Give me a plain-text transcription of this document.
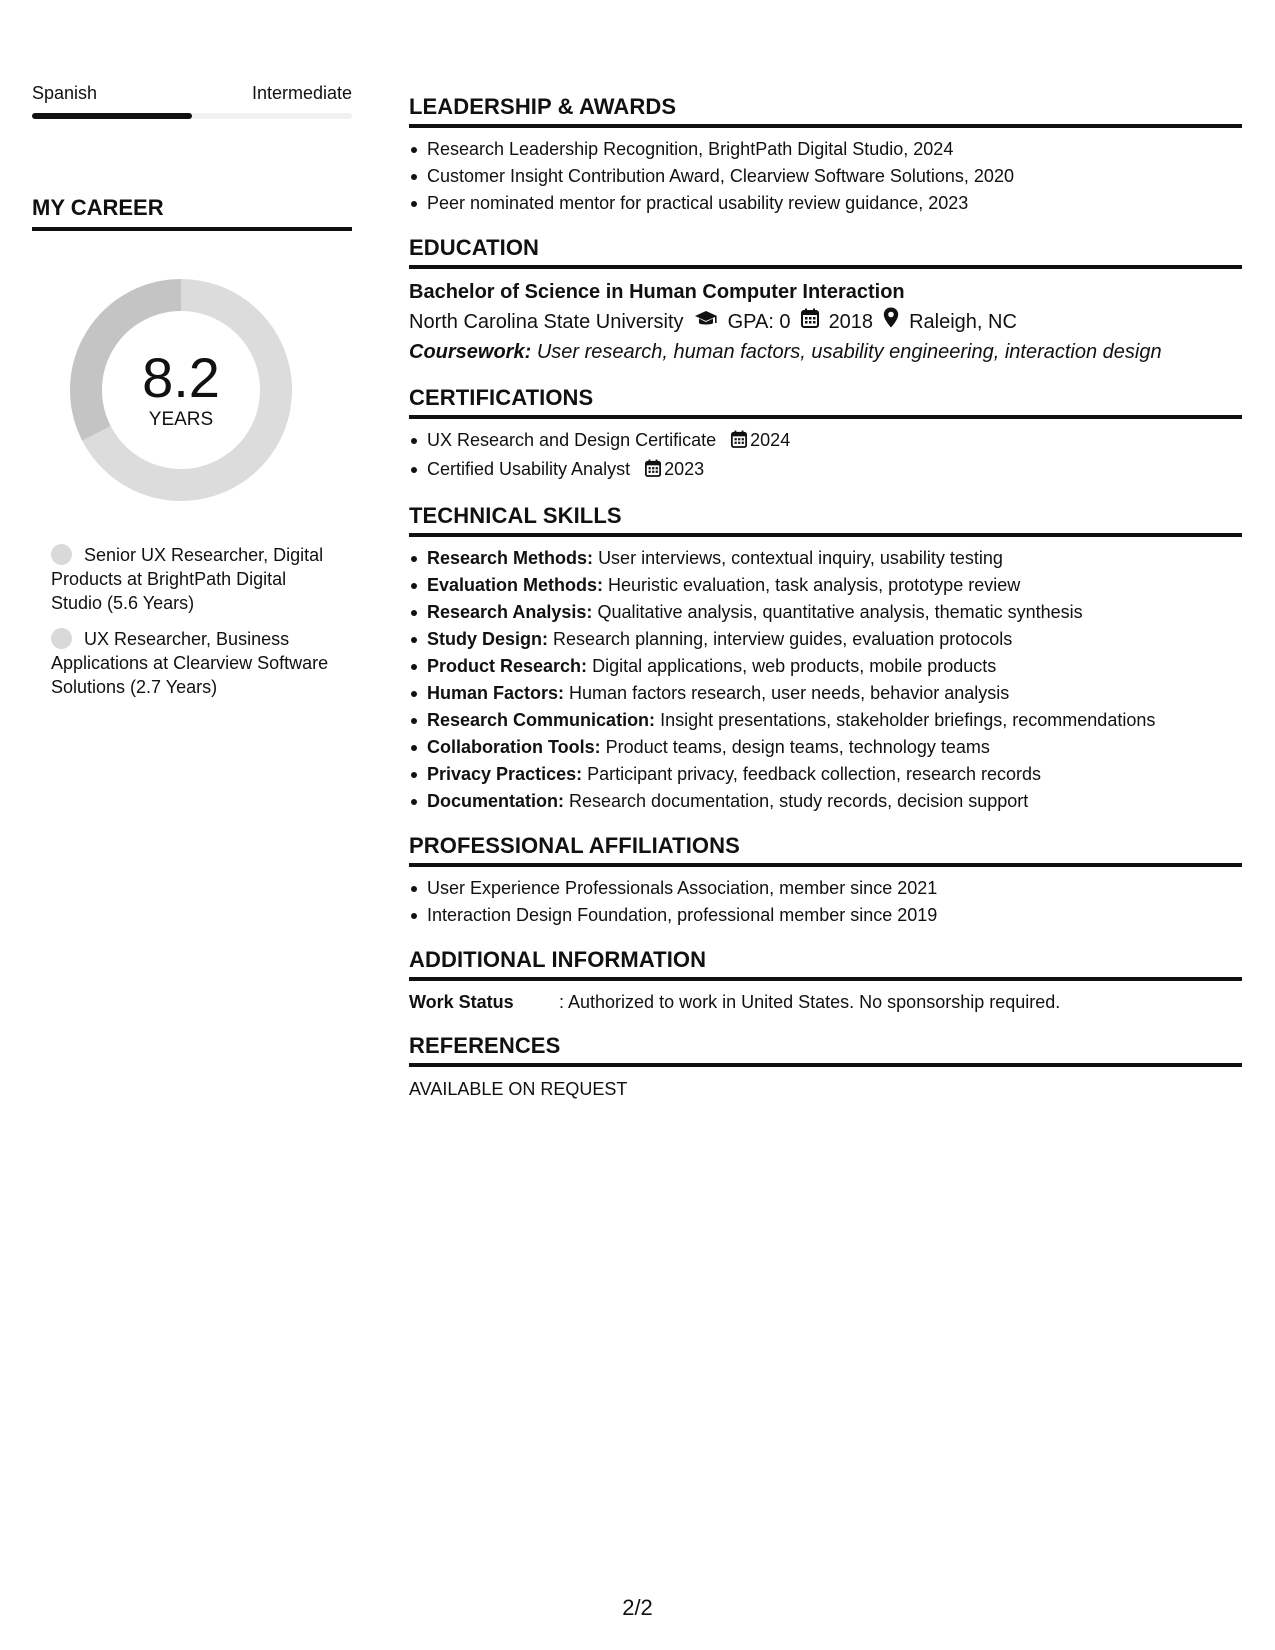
Spanish	Intermediate
MY CAREER
8.2
YEARS
Senior UX Researcher, Digital Products at BrightPath Digital Studio (5.6 Years)
UX Researcher, Business Applications at Clearview Software Solutions (2.7 Years)
LEADERSHIP & AWARDS
Research Leadership Recognition, BrightPath Digital Studio, 2024
Customer Insight Contribution Award, Clearview Software Solutions, 2020
Peer nominated mentor for practical usability review guidance, 2023
EDUCATION
Bachelor of Science in Human Computer Interaction
North Carolina State University GPA: 0 2018 Raleigh, NC
Coursework: User research, human factors, usability engineering, interaction design
CERTIFICATIONS
UX Research and Design Certificate 2024
Certified Usability Analyst 2023
TECHNICAL SKILLS
Research Methods: User interviews, contextual inquiry, usability testing
Evaluation Methods: Heuristic evaluation, task analysis, prototype review
Research Analysis: Qualitative analysis, quantitative analysis, thematic synthesis
Study Design: Research planning, interview guides, evaluation protocols
Product Research: Digital applications, web products, mobile products
Human Factors: Human factors research, user needs, behavior analysis
Research Communication: Insight presentations, stakeholder briefings, recommendations
Collaboration Tools: Product teams, design teams, technology teams
Privacy Practices: Participant privacy, feedback collection, research records
Documentation: Research documentation, study records, decision support
PROFESSIONAL AFFILIATIONS
User Experience Professionals Association, member since 2021
Interaction Design Foundation, professional member since 2019
ADDITIONAL INFORMATION
Work Status	: Authorized to work in United States. No sponsorship required.
REFERENCES
AVAILABLE ON REQUEST
2/2
